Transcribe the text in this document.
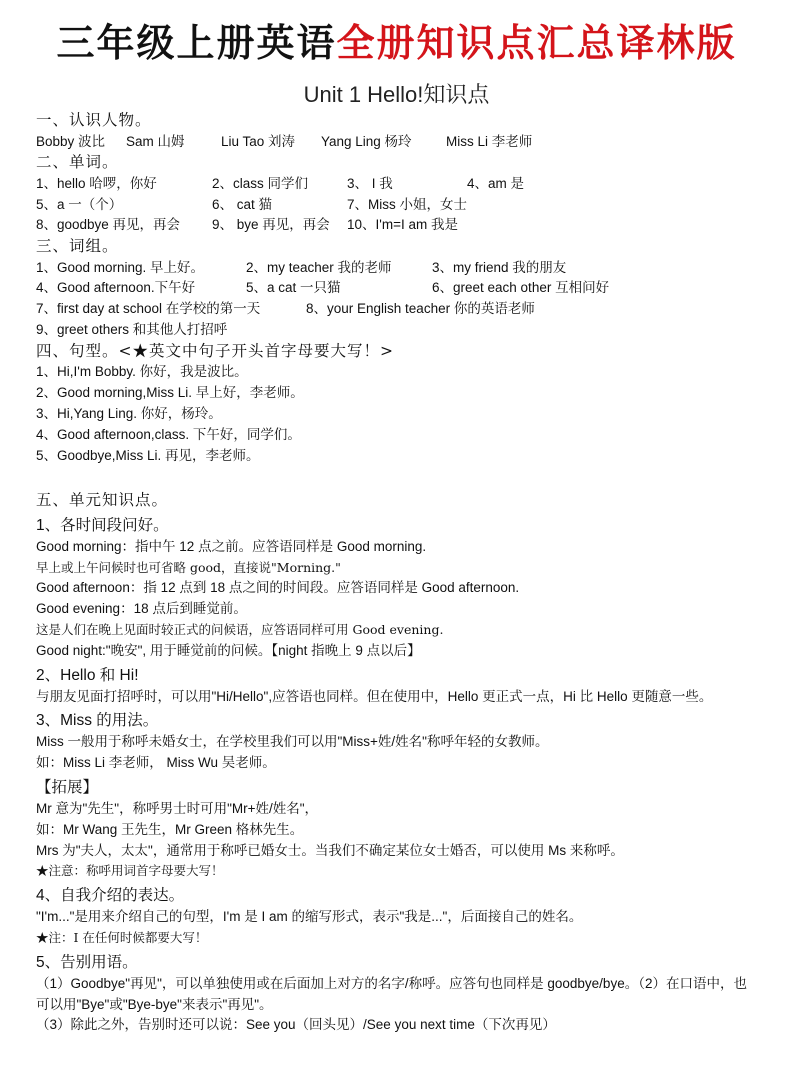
三年级上册英语全册知识点汇总译林版
Unit 1 Hello!知识点
一、认识人物。
Bobby 波比	Sam 山姆	Liu Tao 刘涛	Yang Ling 杨玲	Miss Li 李老师
二、单词。
1、hello 哈啰，你好	2、class 同学们	3、 I 我	4、am 是
5、a 一（个）	6、 cat 猫	7、Miss 小姐，女士
8、goodbye 再见，再会	9、 bye 再见，再会	10、I'm=I am 我是
三、词组。
1、Good morning. 早上好。	2、my teacher 我的老师	3、my friend 我的朋友
4、Good afternoon.下午好	5、a cat 一只猫	6、greet each other 互相问好
7、first day at school 在学校的第一天	8、your English teacher 你的英语老师
9、greet others 和其他人打招呼
四、句型。<★英文中句子开头首字母要大写！>
1、Hi,I'm Bobby. 你好，我是波比。
2、Good morning,Miss Li. 早上好，李老师。
3、Hi,Yang Ling. 你好，杨玲。
4、Good afternoon,class. 下午好，同学们。
5、Goodbye,Miss Li. 再见，李老师。
五、单元知识点。
1、各时间段问好。
Good morning：指中午 12 点之前。应答语同样是 Good morning.
早上或上午问候时也可省略 good，直接说"Morning."
Good afternoon：指 12 点到 18 点之间的时间段。应答语同样是 Good afternoon.
Good evening：18 点后到睡觉前。
这是人们在晚上见面时较正式的问候语，应答语同样可用 Good evening.
Good night:"晚安", 用于睡觉前的问候。【night 指晚上 9 点以后】
2、Hello 和 Hi!
与朋友见面打招呼时，可以用"Hi/Hello",应答语也同样。但在使用中，Hello 更正式一点，Hi 比 Hello 更随意一些。
3、Miss 的用法。
Miss 一般用于称呼未婚女士，在学校里我们可以用"Miss+姓/姓名"称呼年轻的女教师。
如：Miss Li 李老师， Miss Wu 吴老师。
【拓展】
Mr 意为"先生"，称呼男士时可用"Mr+姓/姓名"，
如：Mr Wang 王先生，Mr Green 格林先生。
Mrs 为"夫人，太太"，通常用于称呼已婚女士。当我们不确定某位女士婚否，可以使用 Ms 来称呼。
★注意：称呼用词首字母要大写！
4、自我介绍的表达。
"I'm..."是用来介绍自己的句型，I'm 是 I am 的缩写形式，表示"我是..."，后面接自己的姓名。
★注：I 在任何时候都要大写！
5、告别用语。
（1）Goodbye"再见"，可以单独使用或在后面加上对方的名字/称呼。应答句也同样是 goodbye/bye。（2）在口语中，也可以用"Bye"或"Bye-bye"来表示"再见"。
（3）除此之外，告别时还可以说：See you（回头见）/See you next time（下次再见）
